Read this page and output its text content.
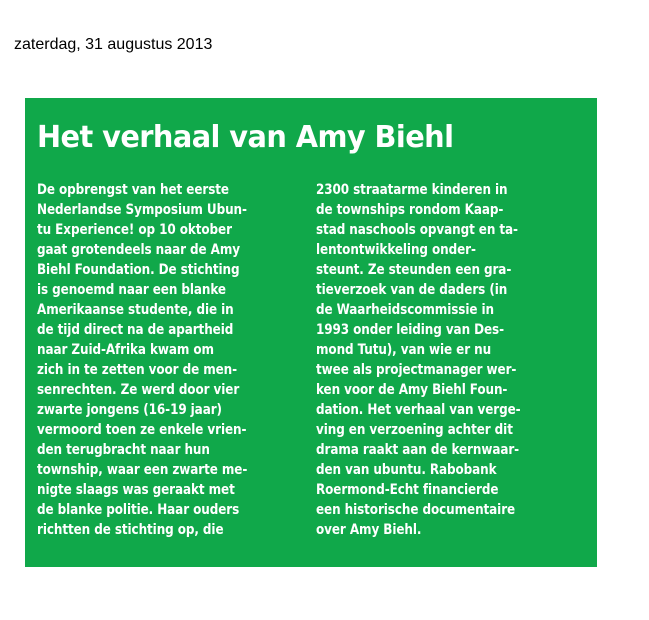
zaterdag, 31 augustus 2013
Het verhaal van Amy Biehl
De opbrengst van het eerste
Nederlandse Symposium Ubun-
tu Experience! op 10 oktober
gaat grotendeels naar de Amy
Biehl Foundation. De stichting
is genoemd naar een blanke
Amerikaanse studente, die in
de tijd direct na de apartheid
naar Zuid-Afrika kwam om
zich in te zetten voor de men-
senrechten. Ze werd door vier
zwarte jongens (16-19 jaar)
vermoord toen ze enkele vrien-
den terugbracht naar hun
township, waar een zwarte me-
nigte slaags was geraakt met
de blanke politie. Haar ouders
richtten de stichting op, die
2300 straatarme kinderen in
de townships rondom Kaap-
stad naschools opvangt en ta-
lentontwikkeling onder-
steunt. Ze steunden een gra-
tieverzoek van de daders (in
de Waarheidscommissie in
1993 onder leiding van Des-
mond Tutu), van wie er nu
twee als projectmanager wer-
ken voor de Amy Biehl Foun-
dation. Het verhaal van verge-
ving en verzoening achter dit
drama raakt aan de kernwaar-
den van ubuntu. Rabobank
Roermond-Echt financierde
een historische documentaire
over Amy Biehl.
